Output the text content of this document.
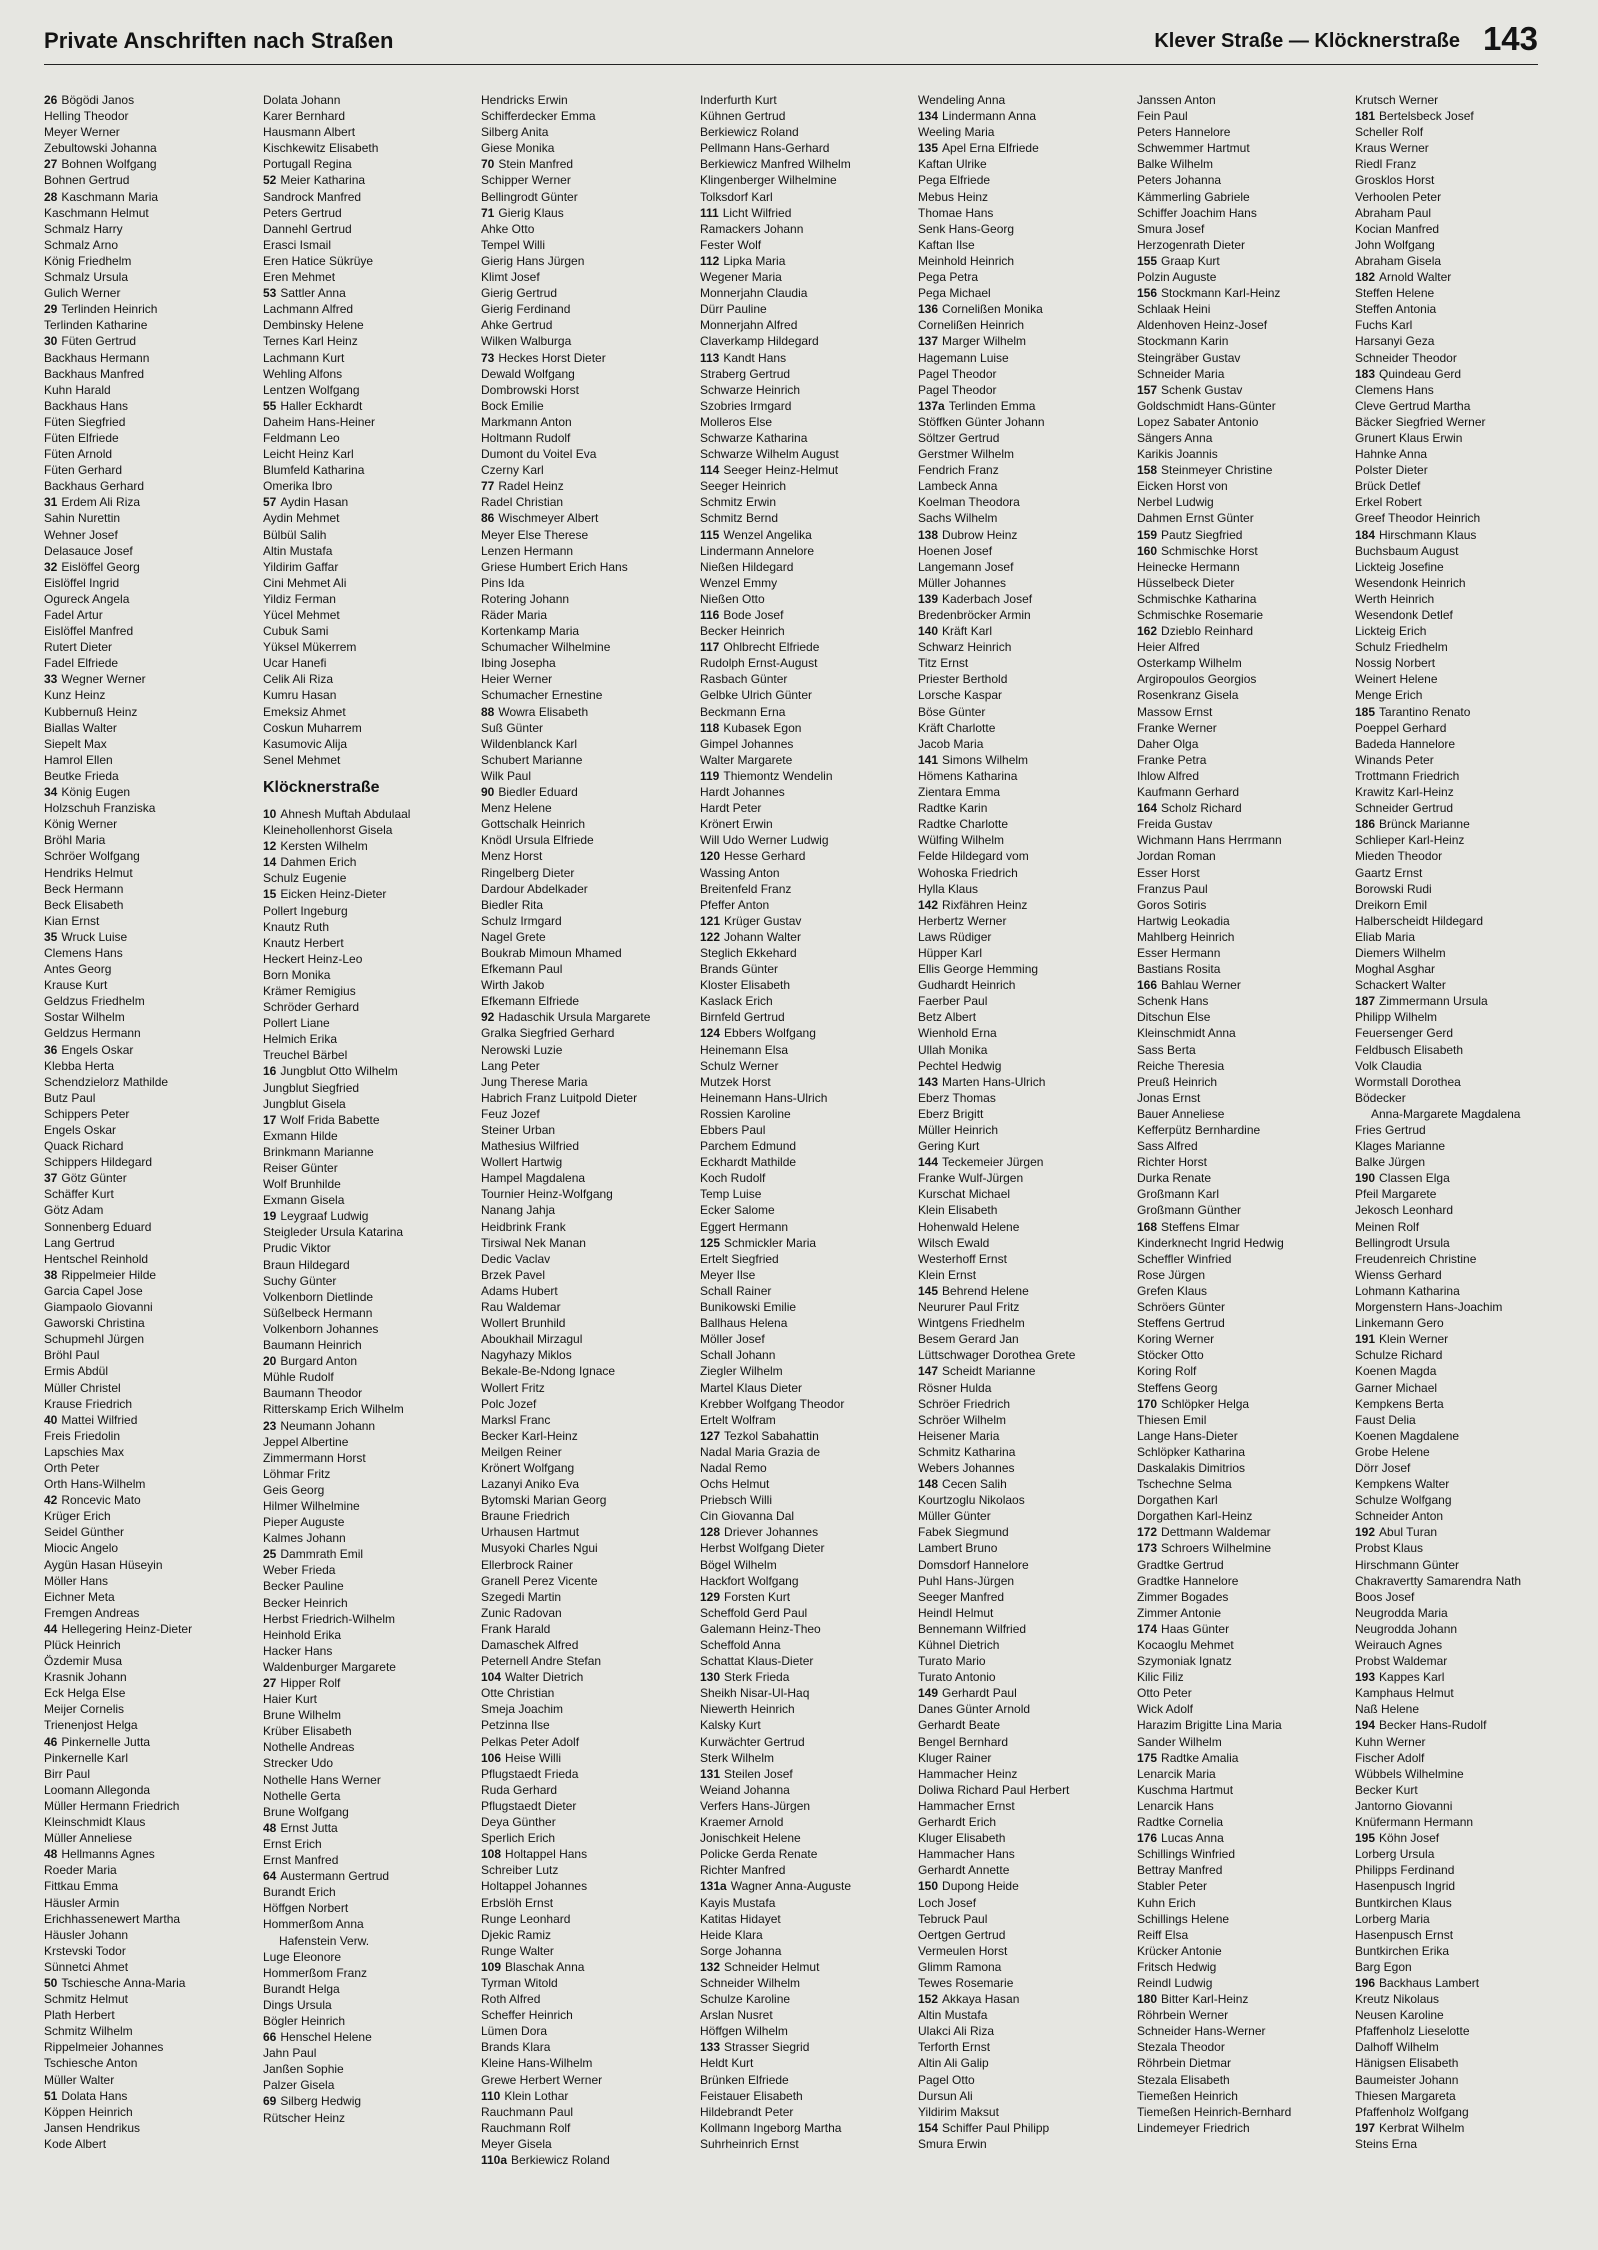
Private Anschriften nach Straßen	Klever Straße — Klöcknerstraße 143
26 Bögödi Janos
Helling Theodor
Meyer Werner
Zebultowski Johanna
27 Bohnen Wolfgang
Bohnen Gertrud
28 Kaschmann Maria
Kaschmann Helmut
Schmalz Harry
Schmalz Arno
König Friedhelm
Schmalz Ursula
Gulich Werner
29 Terlinden Heinrich
Terlinden Katharine
30 Füten Gertrud
Backhaus Hermann
Backhaus Manfred
Kuhn Harald
Backhaus Hans
Füten Siegfried
Füten Elfriede
Füten Arnold
Füten Gerhard
Backhaus Gerhard
31 Erdem Ali Riza
Sahin Nurettin
Wehner Josef
Delasauce Josef
32 Eislöffel Georg
Eislöffel Ingrid
Ogureck Angela
Fadel Artur
Eislöffel Manfred
Rutert Dieter
Fadel Elfriede
33 Wegner Werner
Kunz Heinz
Kubbernuß Heinz
Biallas Walter
Siepelt Max
Hamrol Ellen
Beutke Frieda
34 König Eugen
Holzschuh Franziska
König Werner
Bröhl Maria
Schröer Wolfgang
Hendriks Helmut
Beck Hermann
Beck Elisabeth
Kian Ernst
35 Wruck Luise
Clemens Hans
Antes Georg
Krause Kurt
Geldzus Friedhelm
Sostar Wilhelm
Geldzus Hermann
36 Engels Oskar
Klebba Herta
Schendzielorz Mathilde
Butz Paul
Schippers Peter
Engels Oskar
Quack Richard
Schippers Hildegard
37 Götz Günter
Schäffer Kurt
Götz Adam
Sonnenberg Eduard
Lang Gertrud
Hentschel Reinhold
38 Rippelmeier Hilde
Garcia Capel Jose
Giampaolo Giovanni
Gaworski Christina
Schupmehl Jürgen
Bröhl Paul
Ermis Abdül
Müller Christel
Krause Friedrich
40 Mattei Wilfried
Freis Friedolin
Lapschies Max
Orth Peter
Orth Hans-Wilhelm
42 Roncevic Mato
Krüger Erich
Seidel Günther
Miocic Angelo
Aygün Hasan Hüseyin
Möller Hans
Eichner Meta
Fremgen Andreas
44 Hellegering Heinz-Dieter
Plück Heinrich
Özdemir Musa
Krasnik Johann
Eck Helga Else
Meijer Cornelis
Trienenjost Helga
46 Pinkernelle Jutta
Pinkernelle Karl
Birr Paul
Loomann Allegonda
Müller Hermann Friedrich
Kleinschmidt Klaus
Müller Anneliese
48 Hellmanns Agnes
Roeder Maria
Fittkau Emma
Häusler Armin
Erichhassenewert Martha
Häusler Johann
Krstevski Todor
Sünnetci Ahmet
50 Tschiesche Anna-Maria
Schmitz Helmut
Plath Herbert
Schmitz Wilhelm
Rippelmeier Johannes
Tschiesche Anton
Müller Walter
51 Dolata Hans
Köppen Heinrich
Jansen Hendrikus
Kode Albert
Dolata Johann
Karer Bernhard
Hausmann Albert
Kischkewitz Elisabeth
Portugall Regina
52 Meier Katharina
Sandrock Manfred
Peters Gertrud
Dannehl Gertrud
Erasci Ismail
Eren Hatice Sükrüye
Eren Mehmet
53 Sattler Anna
Lachmann Alfred
Dembinsky Helene
Ternes Karl Heinz
Lachmann Kurt
Wehling Alfons
Lentzen Wolfgang
55 Haller Eckhardt
Daheim Hans-Heiner
Feldmann Leo
Leicht Heinz Karl
Blumfeld Katharina
Omerika Ibro
57 Aydin Hasan
Aydin Mehmet
Bülbül Salih
Altin Mustafa
Yildirim Gaffar
Cini Mehmet Ali
Yildiz Ferman
Yücel Mehmet
Cubuk Sami
Yüksel Mükerrem
Ucar Hanefi
Celik Ali Riza
Kumru Hasan
Emeksiz Ahmet
Coskun Muharrem
Kasumovic Alija
Senel Mehmet
Klöcknerstraße
10 Ahnesh Muftah Abdulaal
Kleinehollenhorst Gisela
12 Kersten Wilhelm
14 Dahmen Erich
Schulz Eugenie
15 Eicken Heinz-Dieter
Pollert Ingeburg
Knautz Ruth
Knautz Herbert
Heckert Heinz-Leo
Born Monika
Krämer Remigius
Schröder Gerhard
Pollert Liane
Helmich Erika
Treuchel Bärbel
16 Jungblut Otto Wilhelm
Jungblut Siegfried
Jungblut Gisela
17 Wolf Frida Babette
Exmann Hilde
Brinkmann Marianne
Reiser Günter
Wolf Brunhilde
Exmann Gisela
19 Leygraaf Ludwig
Steigleder Ursula Katarina
Prudic Viktor
Braun Hildegard
Suchy Günter
Volkenborn Dietlinde
Süßelbeck Hermann
Volkenborn Johannes
Baumann Heinrich
20 Burgard Anton
Mühle Rudolf
Baumann Theodor
Ritterskamp Erich Wilhelm
23 Neumann Johann
Jeppel Albertine
Zimmermann Horst
Löhmar Fritz
Geis Georg
Hilmer Wilhelmine
Pieper Auguste
Kalmes Johann
25 Dammrath Emil
Weber Frieda
Becker Pauline
Becker Heinrich
Herbst Friedrich-Wilhelm
Heinhold Erika
Hacker Hans
Waldenburger Margarete
27 Hipper Rolf
Haier Kurt
Brune Wilhelm
Krüber Elisabeth
Nothelle Andreas
Strecker Udo
Nothelle Hans Werner
Nothelle Gerta
Brune Wolfgang
48 Ernst Jutta
Ernst Erich
Ernst Manfred
64 Austermann Gertrud
Burandt Erich
Höffgen Norbert
Hommerßom Anna
Hafenstein Verw.
Luge Eleonore
Hommerßom Franz
Burandt Helga
Dings Ursula
Bögler Heinrich
66 Henschel Helene
Jahn Paul
Janßen Sophie
Palzer Gisela
69 Silberg Hedwig
Rütscher Heinz
Hendricks Erwin
Schifferdecker Emma
Silberg Anita
Giese Monika
70 Stein Manfred
Schipper Werner
Bellingrodt Günter
71 Gierig Klaus
Ahke Otto
Tempel Willi
Gierig Hans Jürgen
Klimt Josef
Gierig Gertrud
Gierig Ferdinand
Ahke Gertrud
Wilken Walburga
73 Heckes Horst Dieter
Dewald Wolfgang
Dombrowski Horst
Bock Emilie
Markmann Anton
Holtmann Rudolf
Dumont du Voitel Eva
Czerny Karl
77 Radel Heinz
Radel Christian
86 Wischmeyer Albert
Meyer Else Therese
Lenzen Hermann
Griese Humbert Erich Hans
Pins Ida
Rotering Johann
Räder Maria
Kortenkamp Maria
Schumacher Wilhelmine
Ibing Josepha
Heier Werner
Schumacher Ernestine
88 Wowra Elisabeth
Suß Günter
Wildenblanck Karl
Schubert Marianne
Wilk Paul
90 Biedler Eduard
Menz Helene
Gottschalk Heinrich
Knödl Ursula Elfriede
Menz Horst
Ringelberg Dieter
Dardour Abdelkader
Biedler Rita
Schulz Irmgard
Nagel Grete
Boukrab Mimoun Mhamed
Efkemann Paul
Wirth Jakob
Efkemann Elfriede
92 Hadaschik Ursula Margarete
Gralka Siegfried Gerhard
Nerowski Luzie
Lang Peter
Jung Therese Maria
Habrich Franz Luitpold Dieter
Feuz Jozef
Steiner Urban
Mathesius Wilfried
Wollert Hartwig
Hampel Magdalena
Tournier Heinz-Wolfgang
Nanang Jahja
Heidbrink Frank
Tirsiwal Nek Manan
Dedic Vaclav
Brzek Pavel
Adams Hubert
Rau Waldemar
Wollert Brunhild
Aboukhail Mirzagul
Nagyhazy Miklos
Bekale-Be-Ndong Ignace
Wollert Fritz
Polc Jozef
Marksl Franc
Becker Karl-Heinz
Meilgen Reiner
Krönert Wolfgang
Lazanyi Aniko Eva
Bytomski Marian Georg
Braune Friedrich
Urhausen Hartmut
Musyoki Charles Ngui
Ellerbrock Rainer
Granell Perez Vicente
Szegedi Martin
Zunic Radovan
Frank Harald
Damaschek Alfred
Peternell Andre Stefan
104 Walter Dietrich
Otte Christian
Smeja Joachim
Petzinna Ilse
Pelkas Peter Adolf
106 Heise Willi
Pflugstaedt Frieda
Ruda Gerhard
Pflugstaedt Dieter
Deya Günther
Sperlich Erich
108 Holtappel Hans
Schreiber Lutz
Holtappel Johannes
Erbslöh Ernst
Runge Leonhard
Djekic Ramiz
Runge Walter
109 Blaschak Anna
Tyrman Witold
Roth Alfred
Scheffer Heinrich
Lümen Dora
Brands Klara
Kleine Hans-Wilhelm
Grewe Herbert Werner
110 Klein Lothar
Rauchmann Paul
Rauchmann Rolf
Meyer Gisela
110a Berkiewicz Roland
Inderfurth Kurt
Kühnen Gertrud
Berkiewicz Roland
Pellmann Hans-Gerhard
Berkiewicz Manfred Wilhelm
Klingenberger Wilhelmine
Tolksdorf Karl
111 Licht Wilfried
Ramackers Johann
Fester Wolf
112 Lipka Maria
Wegener Maria
Monnerjahn Claudia
Dürr Pauline
Monnerjahn Alfred
Claverkamp Hildegard
113 Kandt Hans
Straberg Gertrud
Schwarze Heinrich
Szobries Irmgard
Molleros Else
Schwarze Katharina
Schwarze Wilhelm August
114 Seeger Heinz-Helmut
Seeger Heinrich
Schmitz Erwin
Schmitz Bernd
115 Wenzel Angelika
Lindermann Annelore
Nießen Hildegard
Wenzel Emmy
Nießen Otto
116 Bode Josef
Becker Heinrich
117 Ohlbrecht Elfriede
Rudolph Ernst-August
Rasbach Günter
Gelbke Ulrich Günter
Beckmann Erna
118 Kubasek Egon
Gimpel Johannes
Walter Margarete
119 Thiemontz Wendelin
Hardt Johannes
Hardt Peter
Krönert Erwin
Will Udo Werner Ludwig
120 Hesse Gerhard
Wassing Anton
Breitenfeld Franz
Pfeffer Anton
121 Krüger Gustav
122 Johann Walter
Steglich Ekkehard
Brands Günter
Kloster Elisabeth
Kaslack Erich
Birnfeld Gertrud
124 Ebbers Wolfgang
Heinemann Elsa
Schulz Werner
Mutzek Horst
Heinemann Hans-Ulrich
Rossien Karoline
Ebbers Paul
Parchem Edmund
Eckhardt Mathilde
Koch Rudolf
Temp Luise
Ecker Salome
Eggert Hermann
125 Schmickler Maria
Ertelt Siegfried
Meyer Ilse
Schall Rainer
Bunikowski Emilie
Ballhaus Helena
Möller Josef
Schall Johann
Ziegler Wilhelm
Martel Klaus Dieter
Krebber Wolfgang Theodor
Ertelt Wolfram
127 Tezkol Sabahattin
Nadal Maria Grazia de
Nadal Remo
Ochs Helmut
Priebsch Willi
Cin Giovanna Dal
128 Driever Johannes
Herbst Wolfgang Dieter
Bögel Wilhelm
Hackfort Wolfgang
129 Forsten Kurt
Scheffold Gerd Paul
Galemann Heinz-Theo
Scheffold Anna
Schattat Klaus-Dieter
130 Sterk Frieda
Sheikh Nisar-Ul-Haq
Niewerth Heinrich
Kalsky Kurt
Kurwächter Gertrud
Sterk Wilhelm
131 Steilen Josef
Weiand Johanna
Verfers Hans-Jürgen
Kraemer Arnold
Jonischkeit Helene
Policke Gerda Renate
Richter Manfred
131a Wagner Anna-Auguste
Kayis Mustafa
Katitas Hidayet
Heide Klara
Sorge Johanna
132 Schneider Helmut
Schneider Wilhelm
Schulze Karoline
Arslan Nusret
Höffgen Wilhelm
133 Strasser Siegrid
Heldt Kurt
Brünken Elfriede
Feistauer Elisabeth
Hildebrandt Peter
Kollmann Ingeborg Martha
Suhrheinrich Ernst
Wendeling Anna
134 Lindermann Anna
Weeling Maria
135 Apel Erna Elfriede
Kaftan Ulrike
Pega Elfriede
Mebus Heinz
Thomae Hans
Senk Hans-Georg
Kaftan Ilse
Meinhold Heinrich
Pega Petra
Pega Michael
136 Cornelißen Monika
Cornelißen Heinrich
137 Marger Wilhelm
Hagemann Luise
Pagel Theodor
Pagel Theodor
137a Terlinden Emma
Stöffken Günter Johann
Söltzer Gertrud
Gerstmer Wilhelm
Fendrich Franz
Lambeck Anna
Koelman Theodora
Sachs Wilhelm
138 Dubrow Heinz
Hoenen Josef
Langemann Josef
Müller Johannes
139 Kaderbach Josef
Bredenbröcker Armin
140 Kräft Karl
Schwarz Heinrich
Titz Ernst
Priester Berthold
Lorsche Kaspar
Böse Günter
Kräft Charlotte
Jacob Maria
141 Simons Wilhelm
Hömens Katharina
Zientara Emma
Radtke Karin
Radtke Charlotte
Wülfing Wilhelm
Felde Hildegard vom
Wohoska Friedrich
Hylla Klaus
142 Rixfähren Heinz
Herbertz Werner
Laws Rüdiger
Hüpper Karl
Ellis George Hemming
Gudhardt Heinrich
Faerber Paul
Betz Albert
Wienhold Erna
Ullah Monika
Pechtel Hedwig
143 Marten Hans-Ulrich
Eberz Thomas
Eberz Brigitt
Müller Heinrich
Gering Kurt
144 Teckemeier Jürgen
Franke Wulf-Jürgen
Kurschat Michael
Klein Elisabeth
Hohenwald Helene
Wilsch Ewald
Westerhoff Ernst
Klein Ernst
145 Behrend Helene
Neururer Paul Fritz
Wintgens Friedhelm
Besem Gerard Jan
Lüttschwager Dorothea Grete
147 Scheidt Marianne
Rösner Hulda
Schröer Friedrich
Schröer Wilhelm
Heisener Maria
Schmitz Katharina
Webers Johannes
148 Cecen Salih
Kourtzoglu Nikolaos
Müller Günter
Fabek Siegmund
Lambert Bruno
Domsdorf Hannelore
Puhl Hans-Jürgen
Seeger Manfred
Heindl Helmut
Bennemann Wilfried
Kühnel Dietrich
Turato Mario
Turato Antonio
149 Gerhardt Paul
Danes Günter Arnold
Gerhardt Beate
Bengel Bernhard
Kluger Rainer
Hammacher Heinz
Doliwa Richard Paul Herbert
Hammacher Ernst
Gerhardt Erich
Kluger Elisabeth
Hammacher Hans
Gerhardt Annette
150 Dupong Heide
Loch Josef
Tebruck Paul
Oertgen Gertrud
Vermeulen Horst
Glimm Ramona
Tewes Rosemarie
152 Akkaya Hasan
Altin Mustafa
Ulakci Ali Riza
Terforth Ernst
Altin Ali Galip
Pagel Otto
Dursun Ali
Yildirim Maksut
154 Schiffer Paul Philipp
Smura Erwin
Janssen Anton
Fein Paul
Peters Hannelore
Schwemmer Hartmut
Balke Wilhelm
Peters Johanna
Kämmerling Gabriele
Schiffer Joachim Hans
Smura Josef
Herzogenrath Dieter
155 Graap Kurt
Polzin Auguste
156 Stockmann Karl-Heinz
Schlaak Heini
Aldenhoven Heinz-Josef
Stockmann Karin
Steingräber Gustav
Schneider Maria
157 Schenk Gustav
Goldschmidt Hans-Günter
Lopez Sabater Antonio
Sängers Anna
Karikis Joannis
158 Steinmeyer Christine
Eicken Horst von
Nerbel Ludwig
Dahmen Ernst Günter
159 Pautz Siegfried
160 Schmischke Horst
Heinecke Hermann
Hüsselbeck Dieter
Schmischke Katharina
Schmischke Rosemarie
162 Dzieblo Reinhard
Heier Alfred
Osterkamp Wilhelm
Argiropoulos Georgios
Rosenkranz Gisela
Massow Ernst
Franke Werner
Daher Olga
Franke Petra
Ihlow Alfred
Kaufmann Gerhard
164 Scholz Richard
Freida Gustav
Wichmann Hans Herrmann
Jordan Roman
Esser Horst
Franzus Paul
Goros Sotiris
Hartwig Leokadia
Mahlberg Heinrich
Esser Hermann
Bastians Rosita
166 Bahlau Werner
Schenk Hans
Ditschun Else
Kleinschmidt Anna
Sass Berta
Reiche Theresia
Preuß Heinrich
Jonas Ernst
Bauer Anneliese
Kefferpütz Bernhardine
Sass Alfred
Richter Horst
Durka Renate
Großmann Karl
Großmann Günther
168 Steffens Elmar
Kinderknecht Ingrid Hedwig
Scheffler Winfried
Rose Jürgen
Grefen Klaus
Schröers Günter
Steffens Gertrud
Koring Werner
Stöcker Otto
Koring Rolf
Steffens Georg
170 Schlöpker Helga
Thiesen Emil
Lange Hans-Dieter
Schlöpker Katharina
Daskalakis Dimitrios
Tschechne Selma
Dorgathen Karl
Dorgathen Karl-Heinz
172 Dettmann Waldemar
173 Schroers Wilhelmine
Gradtke Gertrud
Gradtke Hannelore
Zimmer Bogades
Zimmer Antonie
174 Haas Günter
Kocaoglu Mehmet
Szymoniak Ignatz
Kilic Filiz
Otto Peter
Wick Adolf
Harazim Brigitte Lina Maria
Sander Wilhelm
175 Radtke Amalia
Lenarcik Maria
Kuschma Hartmut
Lenarcik Hans
Radtke Cornelia
176 Lucas Anna
Schillings Winfried
Bettray Manfred
Stabler Peter
Kuhn Erich
Schillings Helene
Reiff Elsa
Krücker Antonie
Fritsch Hedwig
Reindl Ludwig
180 Bitter Karl-Heinz
Röhrbein Werner
Schneider Hans-Werner
Stezala Theodor
Röhrbein Dietmar
Stezala Elisabeth
Tiemeßen Heinrich
Tiemeßen Heinrich-Bernhard
Lindemeyer Friedrich
Krutsch Werner
181 Bertelsbeck Josef
Scheller Rolf
Kraus Werner
Riedl Franz
Grosklos Horst
Verhoolen Peter
Abraham Paul
Kocian Manfred
John Wolfgang
Abraham Gisela
182 Arnold Walter
Steffen Helene
Steffen Antonia
Fuchs Karl
Harsanyi Geza
Schneider Theodor
183 Quindeau Gerd
Clemens Hans
Cleve Gertrud Martha
Bäcker Siegfried Werner
Grunert Klaus Erwin
Hahnke Anna
Polster Dieter
Brück Detlef
Erkel Robert
Greef Theodor Heinrich
184 Hirschmann Klaus
Buchsbaum August
Lickteig Josefine
Wesendonk Heinrich
Werth Heinrich
Wesendonk Detlef
Lickteig Erich
Schulz Friedhelm
Nossig Norbert
Weinert Helene
Menge Erich
185 Tarantino Renato
Poeppel Gerhard
Badeda Hannelore
Winands Peter
Trottmann Friedrich
Krawitz Karl-Heinz
Schneider Gertrud
186 Brünck Marianne
Schlieper Karl-Heinz
Mieden Theodor
Gaartz Ernst
Borowski Rudi
Dreikorn Emil
Halberscheidt Hildegard
Eliab Maria
Diemers Wilhelm
Moghal Asghar
Schackert Walter
187 Zimmermann Ursula
Philipp Wilhelm
Feuersenger Gerd
Feldbusch Elisabeth
Volk Claudia
Wormstall Dorothea
Bödecker
Anna-Margarete Magdalena
Fries Gertrud
Klages Marianne
Balke Jürgen
190 Classen Elga
Pfeil Margarete
Jekosch Leonhard
Meinen Rolf
Bellingrodt Ursula
Freudenreich Christine
Wienss Gerhard
Lohmann Katharina
Morgenstern Hans-Joachim
Linkemann Gero
191 Klein Werner
Schulze Richard
Koenen Magda
Garner Michael
Kempkens Berta
Faust Delia
Koenen Magdalene
Grobe Helene
Dörr Josef
Kempkens Walter
Schulze Wolfgang
Schneider Anton
192 Abul Turan
Probst Klaus
Hirschmann Günter
Chakravertty Samarendra Nath
Boos Josef
Neugrodda Maria
Neugrodda Johann
Weirauch Agnes
Probst Waldemar
193 Kappes Karl
Kamphaus Helmut
Naß Helene
194 Becker Hans-Rudolf
Kuhn Werner
Fischer Adolf
Wübbels Wilhelmine
Becker Kurt
Jantorno Giovanni
Knüfermann Hermann
195 Köhn Josef
Lorberg Ursula
Philipps Ferdinand
Hasenpusch Ingrid
Buntkirchen Klaus
Lorberg Maria
Hasenpusch Ernst
Buntkirchen Erika
Barg Egon
196 Backhaus Lambert
Kreutz Nikolaus
Neusen Karoline
Pfaffenholz Lieselotte
Dalhoff Wilhelm
Hänigsen Elisabeth
Baumeister Johann
Thiesen Margareta
Pfaffenholz Wolfgang
197 Kerbrat Wilhelm
Steins Erna
